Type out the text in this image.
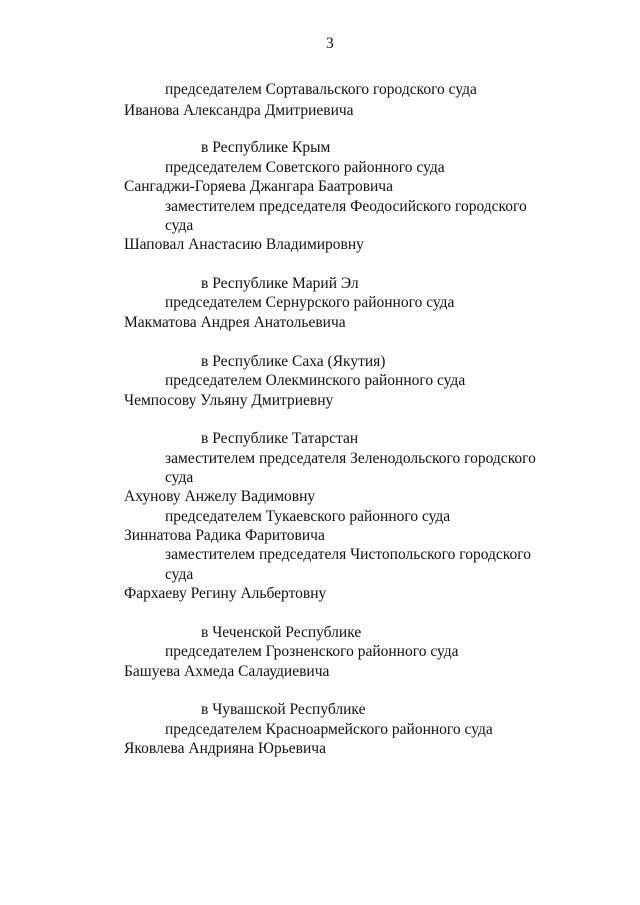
3
председателем Сортавальского городского суда
Иванова Александра Дмитриевича
в Республике Крым
председателем Советского районного суда
Сангаджи-Горяева Джангара Баатровича
заместителем председателя Феодосийского городского
суда
Шаповал Анастасию Владимировну
в Республике Марий Эл
председателем Сернурского районного суда
Макматова Андрея Анатольевича
в Республике Саха (Якутия)
председателем Олекминского районного суда
Чемпосову Ульяну Дмитриевну
в Республике Татарстан
заместителем председателя Зеленодольского городского
суда
Ахунову Анжелу Вадимовну
председателем Тукаевского районного суда
Зиннатова Радика Фаритовича
заместителем председателя Чистопольского городского
суда
Фархаеву Регину Альбертовну
в Чеченской Республике
председателем Грозненского районного суда
Башуева Ахмеда Салаудиевича
в Чувашской Республике
председателем Красноармейского районного суда
Яковлева Андрияна Юрьевича
